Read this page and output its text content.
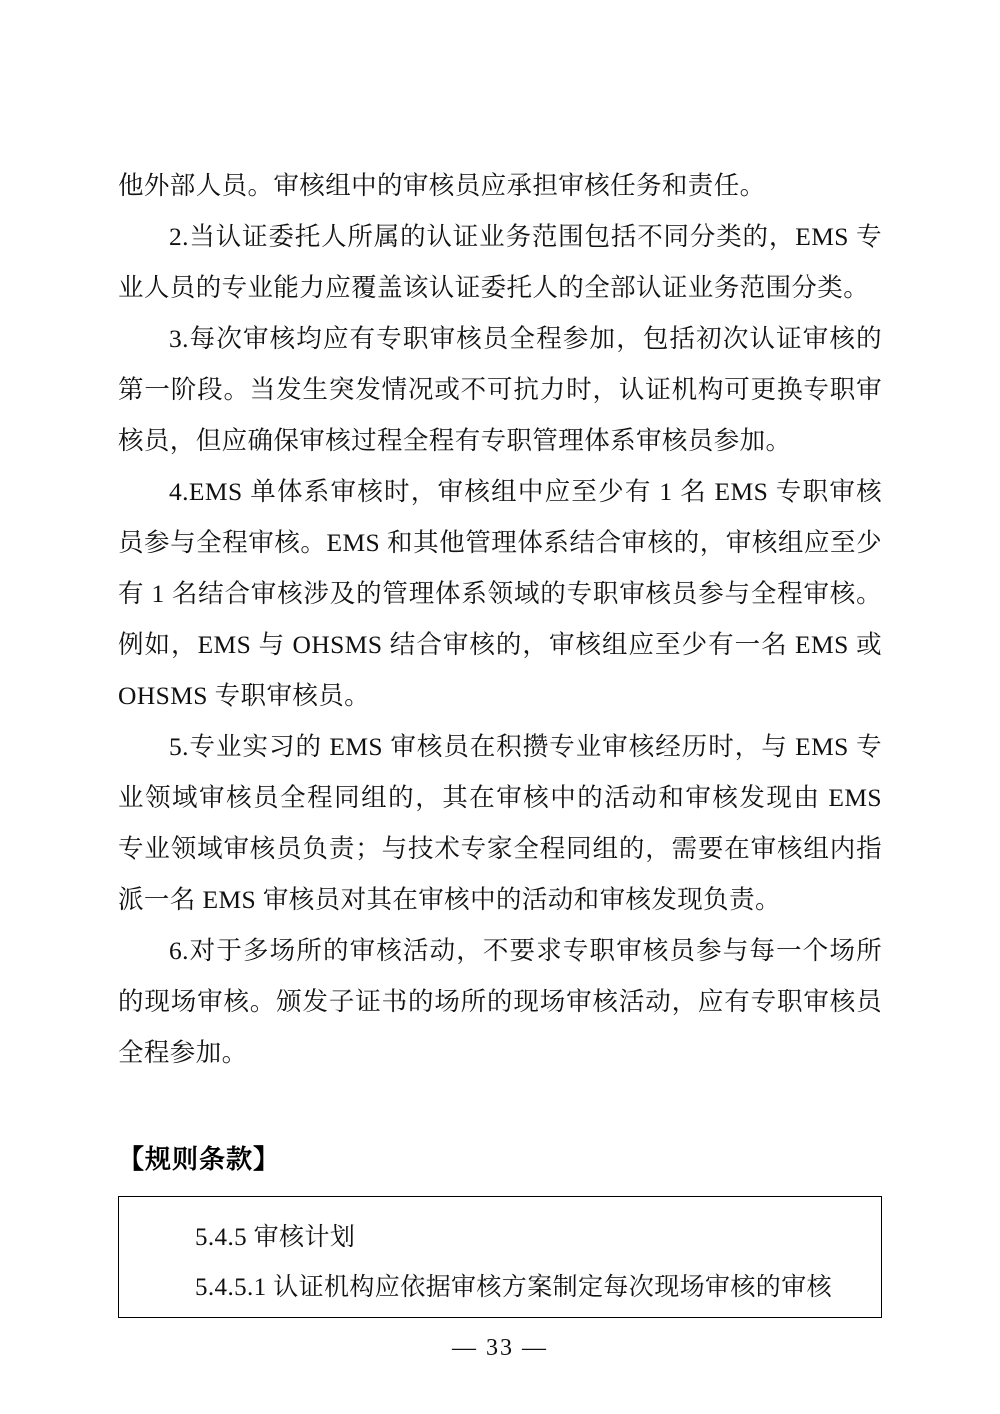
他外部人员。审核组中的审核员应承担审核任务和责任。

2.当认证委托人所属的认证业务范围包括不同分类的，EMS 专业人员的专业能力应覆盖该认证委托人的全部认证业务范围分类。

3.每次审核均应有专职审核员全程参加，包括初次认证审核的第一阶段。当发生突发情况或不可抗力时，认证机构可更换专职审核员，但应确保审核过程全程有专职管理体系审核员参加。

4.EMS 单体系审核时，审核组中应至少有 1 名 EMS 专职审核员参与全程审核。EMS 和其他管理体系结合审核的，审核组应至少有 1 名结合审核涉及的管理体系领域的专职审核员参与全程审核。例如，EMS 与 OHSMS 结合审核的，审核组应至少有一名 EMS 或 OHSMS 专职审核员。

5.专业实习的 EMS 审核员在积攒专业审核经历时，与 EMS 专业领域审核员全程同组的，其在审核中的活动和审核发现由 EMS 专业领域审核员负责；与技术专家全程同组的，需要在审核组内指派一名 EMS 审核员对其在审核中的活动和审核发现负责。

6.对于多场所的审核活动，不要求专职审核员参与每一个场所的现场审核。颁发子证书的场所的现场审核活动，应有专职审核员全程参加。

【规则条款】
5.4.5 审核计划
5.4.5.1 认证机构应依据审核方案制定每次现场审核的审核
— 33 —
